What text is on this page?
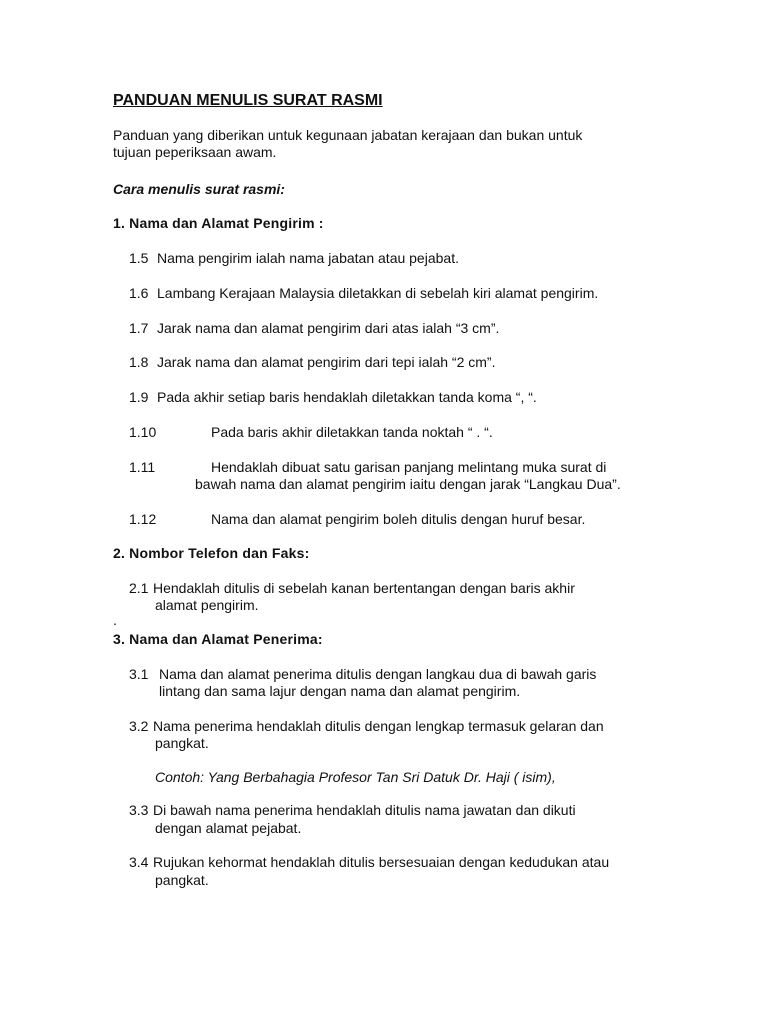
PANDUAN MENULIS SURAT RASMI
Panduan yang diberikan untuk kegunaan jabatan kerajaan dan bukan untuk
tujuan peperiksaan awam.
Cara menulis surat rasmi:
1. Nama dan Alamat Pengirim :
1.5 Nama pengirim ialah nama jabatan atau pejabat.
1.6 Lambang Kerajaan Malaysia diletakkan di sebelah kiri alamat pengirim.
1.7 Jarak nama dan alamat pengirim dari atas ialah “3 cm”.
1.8 Jarak nama dan alamat pengirim dari tepi ialah “2 cm”.
1.9 Pada akhir setiap baris hendaklah diletakkan tanda koma “, “.
1.10	Pada baris akhir diletakkan tanda noktah “ . “.
1.11	Hendaklah dibuat satu garisan panjang melintang muka surat di
bawah nama dan alamat pengirim iaitu dengan jarak “Langkau Dua”.
1.12	Nama dan alamat pengirim boleh ditulis dengan huruf besar.
2. Nombor Telefon dan Faks:
2.1 Hendaklah ditulis di sebelah kanan bertentangan dengan baris akhir
alamat pengirim.
.
3. Nama dan Alamat Penerima:
3.1 Nama dan alamat penerima ditulis dengan langkau dua di bawah garis
lintang dan sama lajur dengan nama dan alamat pengirim.
3.2 Nama penerima hendaklah ditulis dengan lengkap termasuk gelaran dan
pangkat.
Contoh: Yang Berbahagia Profesor Tan Sri Datuk Dr. Haji ( isim),
3.3 Di bawah nama penerima hendaklah ditulis nama jawatan dan dikuti
dengan alamat pejabat.
3.4 Rujukan kehormat hendaklah ditulis bersesuaian dengan kedudukan atau
pangkat.
